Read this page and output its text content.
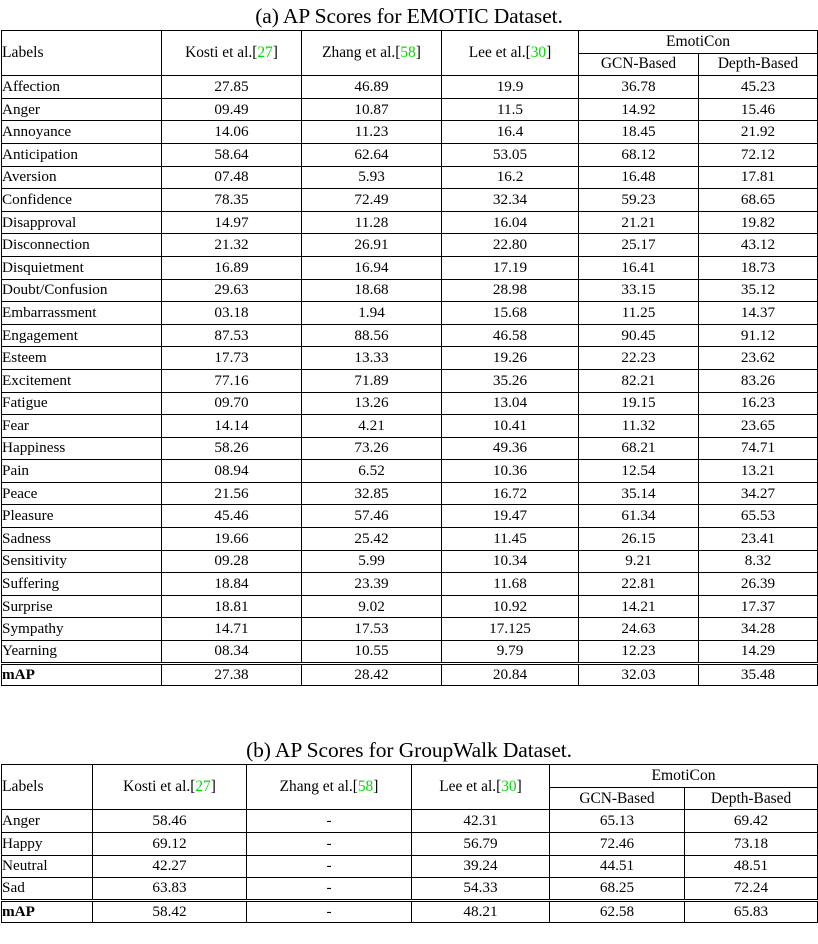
(a) AP Scores for EMOTIC Dataset.
Labels	Kosti et al.[27]	Zhang et al.[58]	Lee et al.[30]	EmotiCon	
				GCN-Based	Depth-Based
Affection	27.85	46.89	19.9	36.78	45.23
Anger	09.49	10.87	11.5	14.92	15.46
Annoyance	14.06	11.23	16.4	18.45	21.92
Anticipation	58.64	62.64	53.05	68.12	72.12
Aversion	07.48	5.93	16.2	16.48	17.81
Confidence	78.35	72.49	32.34	59.23	68.65
Disapproval	14.97	11.28	16.04	21.21	19.82
Disconnection	21.32	26.91	22.80	25.17	43.12
Disquietment	16.89	16.94	17.19	16.41	18.73
Doubt/Confusion	29.63	18.68	28.98	33.15	35.12
Embarrassment	03.18	1.94	15.68	11.25	14.37
Engagement	87.53	88.56	46.58	90.45	91.12
Esteem	17.73	13.33	19.26	22.23	23.62
Excitement	77.16	71.89	35.26	82.21	83.26
Fatigue	09.70	13.26	13.04	19.15	16.23
Fear	14.14	4.21	10.41	11.32	23.65
Happiness	58.26	73.26	49.36	68.21	74.71
Pain	08.94	6.52	10.36	12.54	13.21
Peace	21.56	32.85	16.72	35.14	34.27
Pleasure	45.46	57.46	19.47	61.34	65.53
Sadness	19.66	25.42	11.45	26.15	23.41
Sensitivity	09.28	5.99	10.34	9.21	8.32
Suffering	18.84	23.39	11.68	22.81	26.39
Surprise	18.81	9.02	10.92	14.21	17.37
Sympathy	14.71	17.53	17.125	24.63	34.28
Yearning	08.34	10.55	9.79	12.23	14.29
mAP	27.38	28.42	20.84	32.03	35.48
(b) AP Scores for GroupWalk Dataset.
Labels	Kosti et al.[27]	Zhang et al.[58]	Lee et al.[30]	EmotiCon	
				GCN-Based	Depth-Based
Anger	58.46	-	42.31	65.13	69.42
Happy	69.12	-	56.79	72.46	73.18
Neutral	42.27	-	39.24	44.51	48.51
Sad	63.83	-	54.33	68.25	72.24
mAP	58.42	-	48.21	62.58	65.83
